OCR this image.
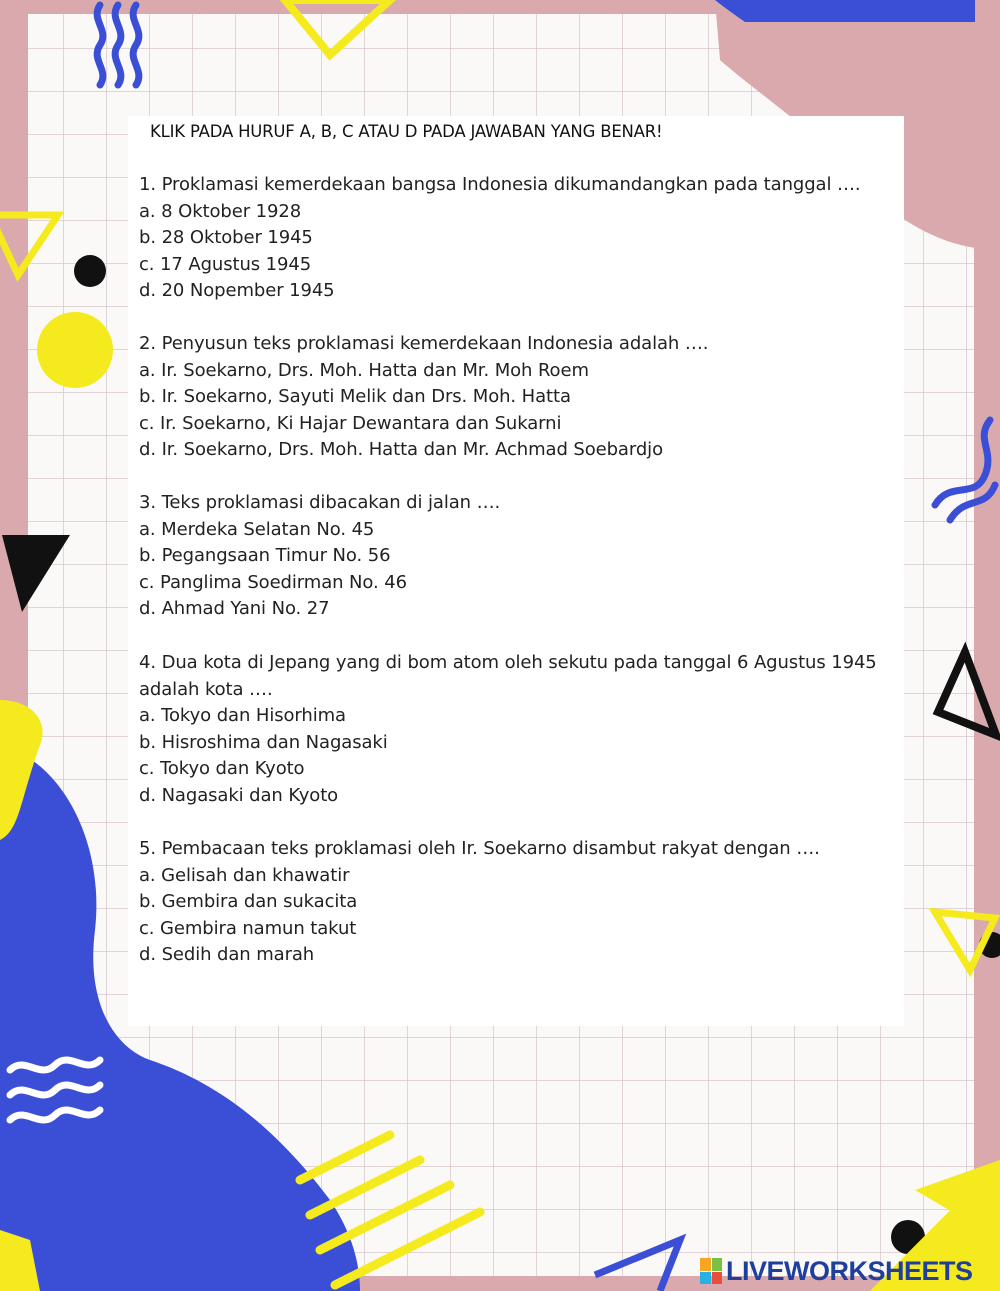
KLIK PADA HURUF A, B, C ATAU D PADA JAWABAN YANG BENAR!
1. Proklamasi kemerdekaan bangsa Indonesia dikumandangkan pada tanggal ….
a. 8 Oktober 1928
b. 28 Oktober 1945
c. 17 Agustus 1945
d. 20 Nopember 1945
2. Penyusun teks proklamasi kemerdekaan Indonesia adalah ….
a. Ir. Soekarno, Drs. Moh. Hatta dan Mr. Moh Roem
b. Ir. Soekarno, Sayuti Melik dan Drs. Moh. Hatta
c. Ir. Soekarno, Ki Hajar Dewantara dan Sukarni
d. Ir. Soekarno, Drs. Moh. Hatta dan Mr. Achmad Soebardjo
3. Teks proklamasi dibacakan di jalan ….
a. Merdeka Selatan No. 45
b. Pegangsaan Timur No. 56
c. Panglima Soedirman No. 46
d. Ahmad Yani No. 27
4. Dua kota di Jepang yang di bom atom oleh sekutu pada tanggal 6 Agustus 1945
adalah kota ….
a. Tokyo dan Hisorhima
b. Hisroshima dan Nagasaki
c. Tokyo dan Kyoto
d. Nagasaki dan Kyoto
5. Pembacaan teks proklamasi oleh Ir. Soekarno disambut rakyat dengan ….
a. Gelisah dan khawatir
b. Gembira dan sukacita
c. Gembira namun takut
d. Sedih dan marah
LIVEWORKSHEETS
